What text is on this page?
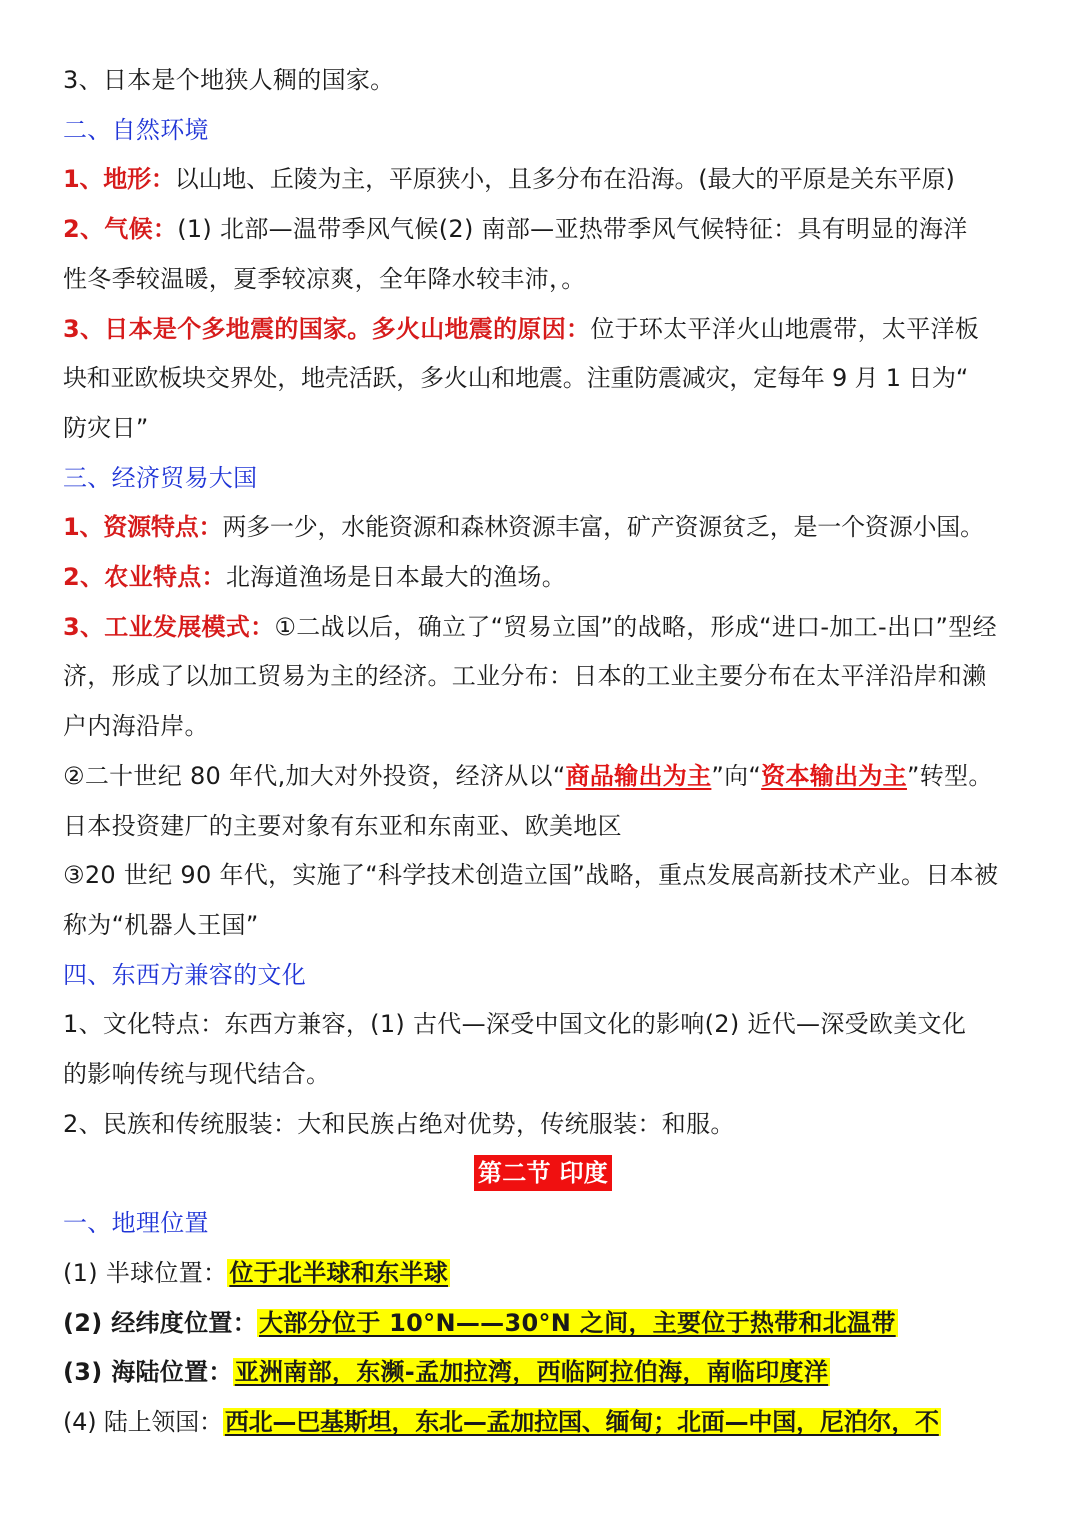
3、日本是个地狭人稠的国家。
二、自然环境
1、地形：以山地、丘陵为主，平原狭小，且多分布在沿海。(最大的平原是关东平原)
2、气候：(1) 北部—温带季风气候(2) 南部—亚热带季风气候特征：具有明显的海洋
性冬季较温暖，夏季较凉爽，全年降水较丰沛，。
3、日本是个多地震的国家。多火山地震的原因：位于环太平洋火山地震带，太平洋板
块和亚欧板块交界处，地壳活跃，多火山和地震。注重防震减灾，定每年 9 月 1 日为“
防灾日”
三、经济贸易大国
1、资源特点：两多一少，水能资源和森林资源丰富，矿产资源贫乏，是一个资源小国。
2、农业特点：北海道渔场是日本最大的渔场。
3、工业发展模式：①二战以后，确立了“贸易立国”的战略，形成“进口-加工-出口”型经
济，形成了以加工贸易为主的经济。工业分布：日本的工业主要分布在太平洋沿岸和濑
户内海沿岸。
②二十世纪 80 年代,加大对外投资，经济从以“商品输出为主”向“资本输出为主”转型。
日本投资建厂的主要对象有东亚和东南亚、欧美地区
③20 世纪 90 年代，实施了“科学技术创造立国”战略，重点发展高新技术产业。日本被
称为“机器人王国”
四、东西方兼容的文化
1、文化特点：东西方兼容，(1) 古代—深受中国文化的影响(2) 近代—深受欧美文化
的影响传统与现代结合。
2、民族和传统服装：大和民族占绝对优势，传统服装：和服。
第二节 印度
一、地理位置
(1) 半球位置：位于北半球和东半球
(2) 经纬度位置：大部分位于 10°N——30°N 之间，主要位于热带和北温带
(3) 海陆位置：亚洲南部，东濒-孟加拉湾，西临阿拉伯海，南临印度洋
(4) 陆上领国：西北—巴基斯坦，东北—孟加拉国、缅甸；北面—中国，尼泊尔，不
